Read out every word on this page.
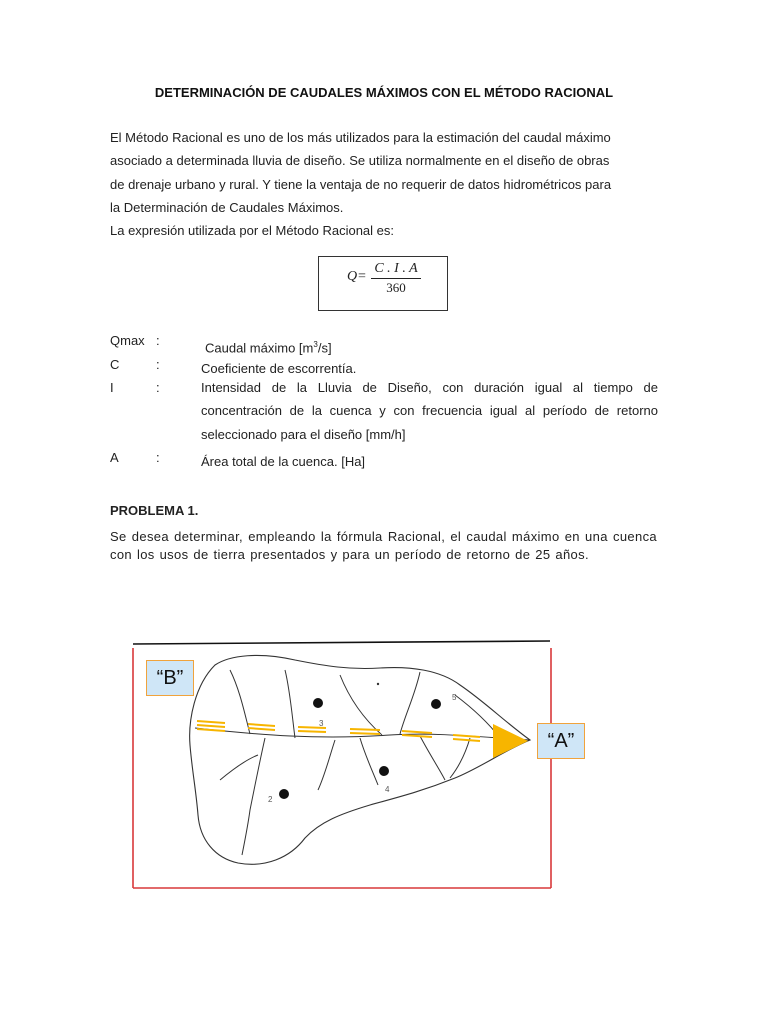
DETERMINACIÓN DE CAUDALES MÁXIMOS CON EL MÉTODO RACIONAL
El Método Racional es uno de los más utilizados para la estimación del caudal máximo
asociado a determinada lluvia de diseño. Se utiliza normalmente en el diseño de obras
de drenaje urbano y rural. Y tiene la ventaja de no requerir de datos hidrométricos para
la Determinación de Caudales Máximos.
La expresión utilizada por el Método Racional es:
$Q= \frac{C . I . A}{360}$
Qmax :	Caudal máximo $[m^3/s]$
C	:	Coeficiente de escorrentía.
I	:	Intensidad de la Lluvia de Diseño, con duración igual al tiempo de
concentración de la cuenca y con frecuencia igual al período de retorno
seleccionado para el diseño [mm/h]
A	:	Área total de la cuenca. [Ha]
PROBLEMA 1.
Se desea determinar, empleando la fórmula Racional, el caudal máximo en una cuenca con los usos de tierra presentados y para un período de retorno de 25 años.
2
3
4
5
“B”
“A”
